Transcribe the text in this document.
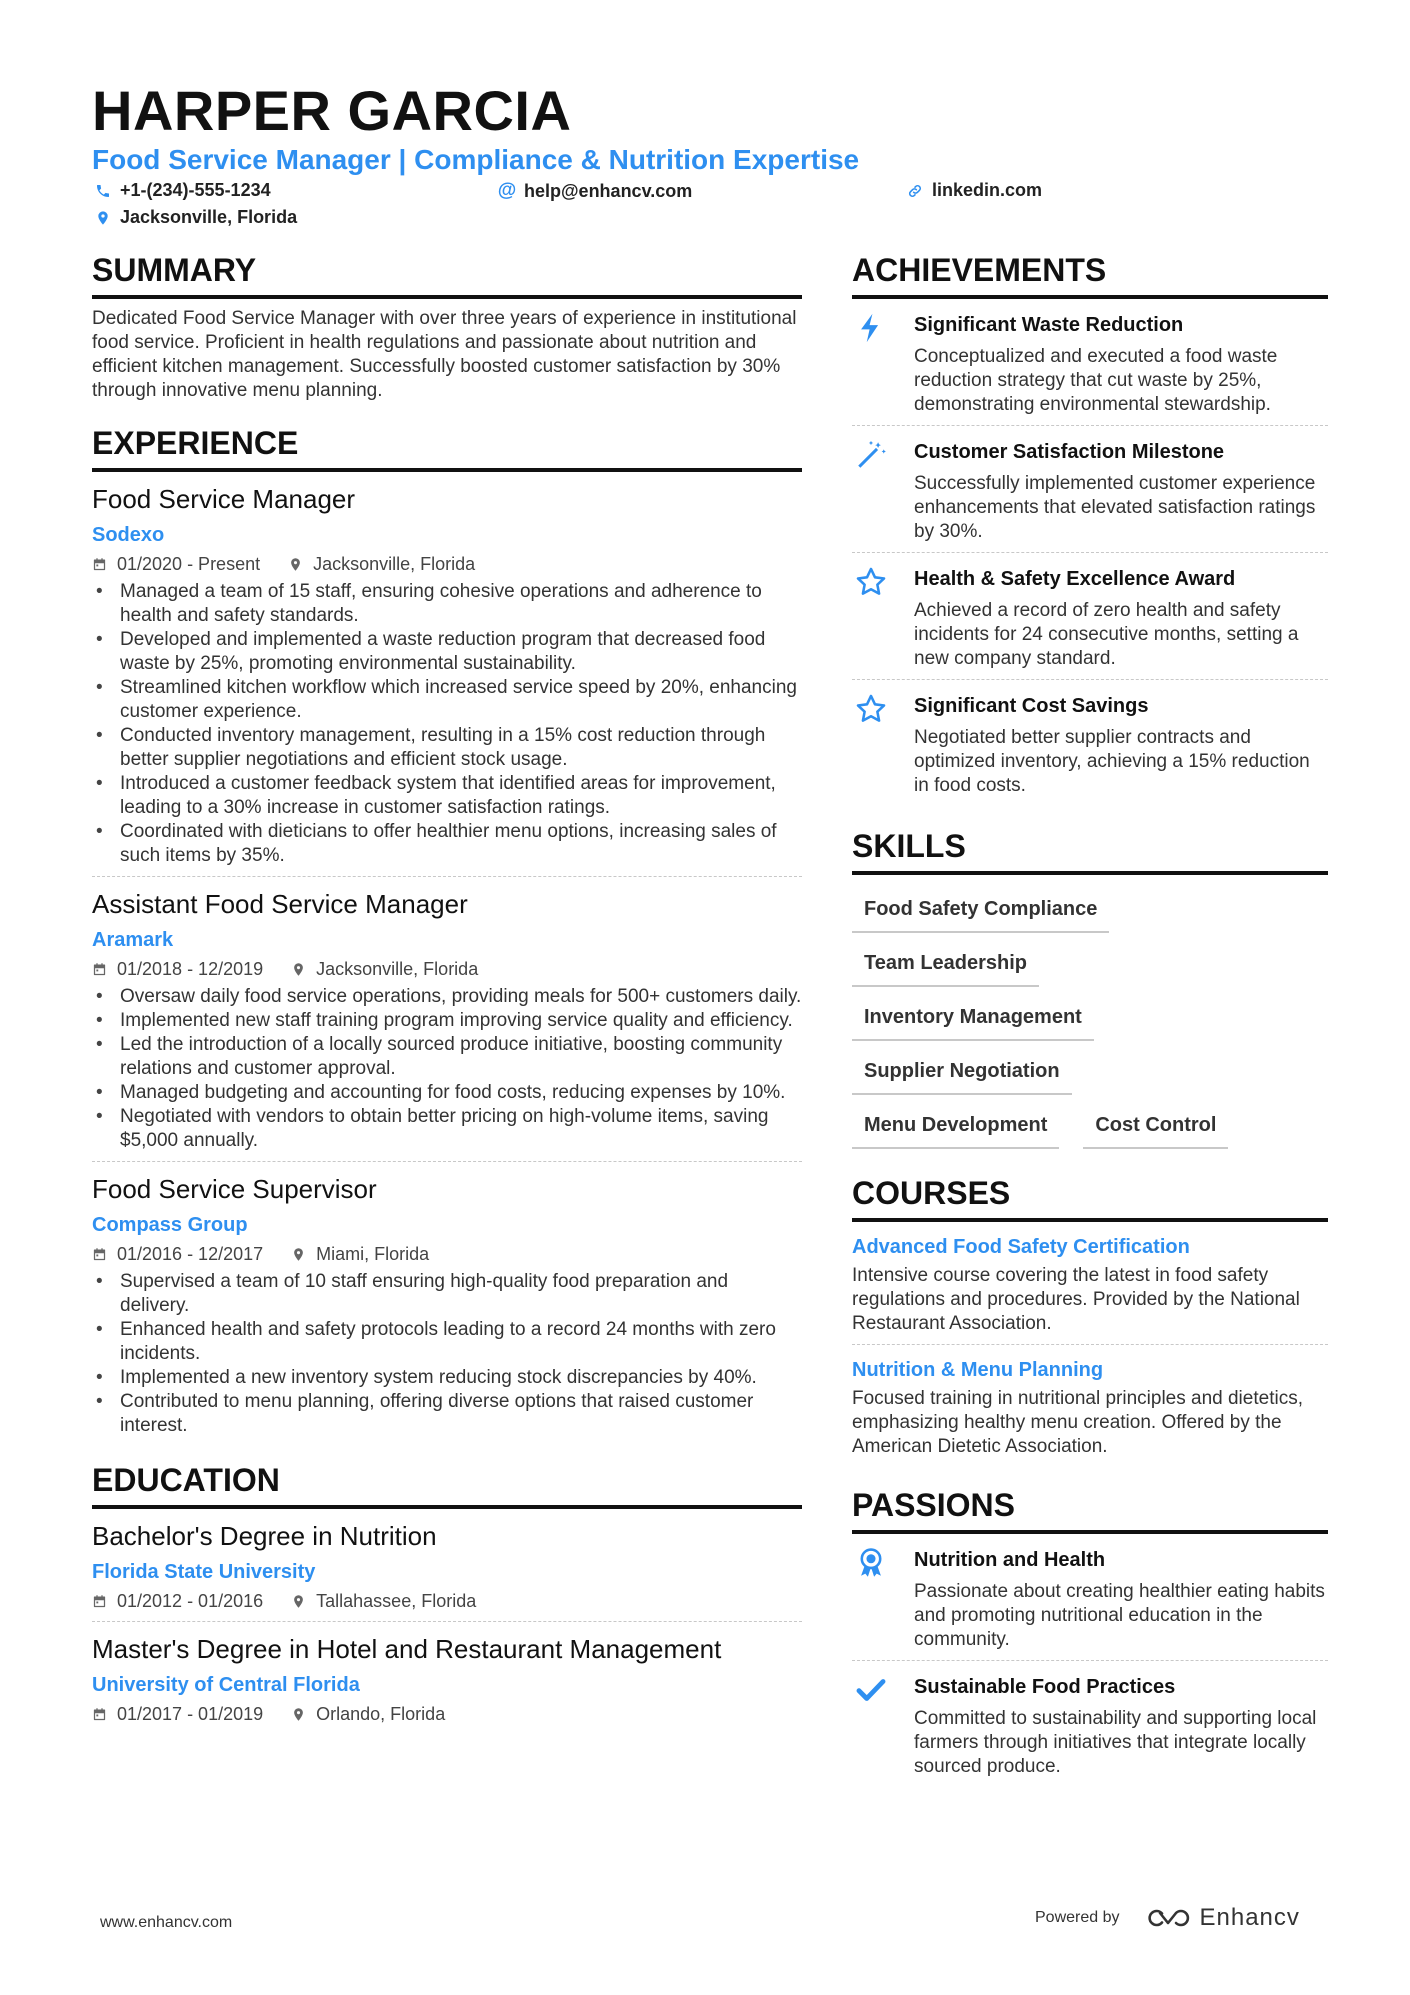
HARPER GARCIA
Food Service Manager | Compliance & Nutrition Expertise
+1-(234)-555-1234	@ help@enhancv.com	linkedin.com
Jacksonville, Florida
SUMMARY
Dedicated Food Service Manager with over three years of experience in institutional food service. Proficient in health regulations and passionate about nutrition and efficient kitchen management. Successfully boosted customer satisfaction by 30% through innovative menu planning.
EXPERIENCE
Food Service Manager
Sodexo
01/2020 - Present	Jacksonville, Florida
• Managed a team of 15 staff, ensuring cohesive operations and adherence to health and safety standards.
• Developed and implemented a waste reduction program that decreased food waste by 25%, promoting environmental sustainability.
• Streamlined kitchen workflow which increased service speed by 20%, enhancing customer experience.
• Conducted inventory management, resulting in a 15% cost reduction through better supplier negotiations and efficient stock usage.
• Introduced a customer feedback system that identified areas for improvement, leading to a 30% increase in customer satisfaction ratings.
• Coordinated with dieticians to offer healthier menu options, increasing sales of such items by 35%.
Assistant Food Service Manager
Aramark
01/2018 - 12/2019	Jacksonville, Florida
• Oversaw daily food service operations, providing meals for 500+ customers daily.
• Implemented new staff training program improving service quality and efficiency.
• Led the introduction of a locally sourced produce initiative, boosting community relations and customer approval.
• Managed budgeting and accounting for food costs, reducing expenses by 10%.
• Negotiated with vendors to obtain better pricing on high-volume items, saving $5,000 annually.
Food Service Supervisor
Compass Group
01/2016 - 12/2017	Miami, Florida
• Supervised a team of 10 staff ensuring high-quality food preparation and delivery.
• Enhanced health and safety protocols leading to a record 24 months with zero incidents.
• Implemented a new inventory system reducing stock discrepancies by 40%.
• Contributed to menu planning, offering diverse options that raised customer interest.
EDUCATION
Bachelor's Degree in Nutrition
Florida State University
01/2012 - 01/2016	Tallahassee, Florida
Master's Degree in Hotel and Restaurant Management
University of Central Florida
01/2017 - 01/2019	Orlando, Florida
ACHIEVEMENTS
Significant Waste Reduction
Conceptualized and executed a food waste reduction strategy that cut waste by 25%, demonstrating environmental stewardship.
Customer Satisfaction Milestone
Successfully implemented customer experience enhancements that elevated satisfaction ratings by 30%.
Health & Safety Excellence Award
Achieved a record of zero health and safety incidents for 24 consecutive months, setting a new company standard.
Significant Cost Savings
Negotiated better supplier contracts and optimized inventory, achieving a 15% reduction in food costs.
SKILLS
Food Safety Compliance
Team Leadership
Inventory Management
Supplier Negotiation
Menu Development	Cost Control
COURSES
Advanced Food Safety Certification
Intensive course covering the latest in food safety regulations and procedures. Provided by the National Restaurant Association.
Nutrition & Menu Planning
Focused training in nutritional principles and dietetics, emphasizing healthy menu creation. Offered by the American Dietetic Association.
PASSIONS
Nutrition and Health
Passionate about creating healthier eating habits and promoting nutritional education in the community.
Sustainable Food Practices
Committed to sustainability and supporting local farmers through initiatives that integrate locally sourced produce.
www.enhancv.com	Powered by	Enhancv
